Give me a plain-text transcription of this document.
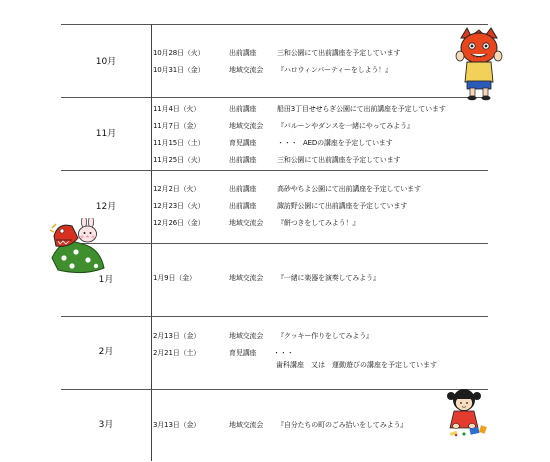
10月
10月28日（火）	出前講座	三和公園にて出前講座を予定しています
10月31日（金）	地域交流会 『ハロウィンパーティーをしよう！』
11月
11月4日（火）	出前講座	船田3丁目せせらぎ公園にて出前講座を予定しています
11月7日（金）	地域交流会 『バルーンやダンスを一緒にやってみよう』
11月15日（土）	育児講座	・・・ AEDの講座を予定しています
11月25日（火）	出前講座	三和公園にて出前講座を予定しています
12月
12月2日（火）	出前講座	高砂やちよ公園にて出前講座を予定しています
12月23日（火）	出前講座	諏訪野公園にて出前講座を予定しています
12月26日（金）	地域交流会 『餅つきをしてみよう！』
1月	1月9日（金）	地域交流会 『一緒に楽器を演奏してみよう』
2月
2月13日（金）	地域交流会 『クッキー作りをしてみよう』
2月21日（土）	育児講座 ・・・
歯科講座　又は　運動遊びの講座を予定しています
3月	3月13日（金）	地域交流会 『自分たちの町のごみ拾いをしてみよう』
